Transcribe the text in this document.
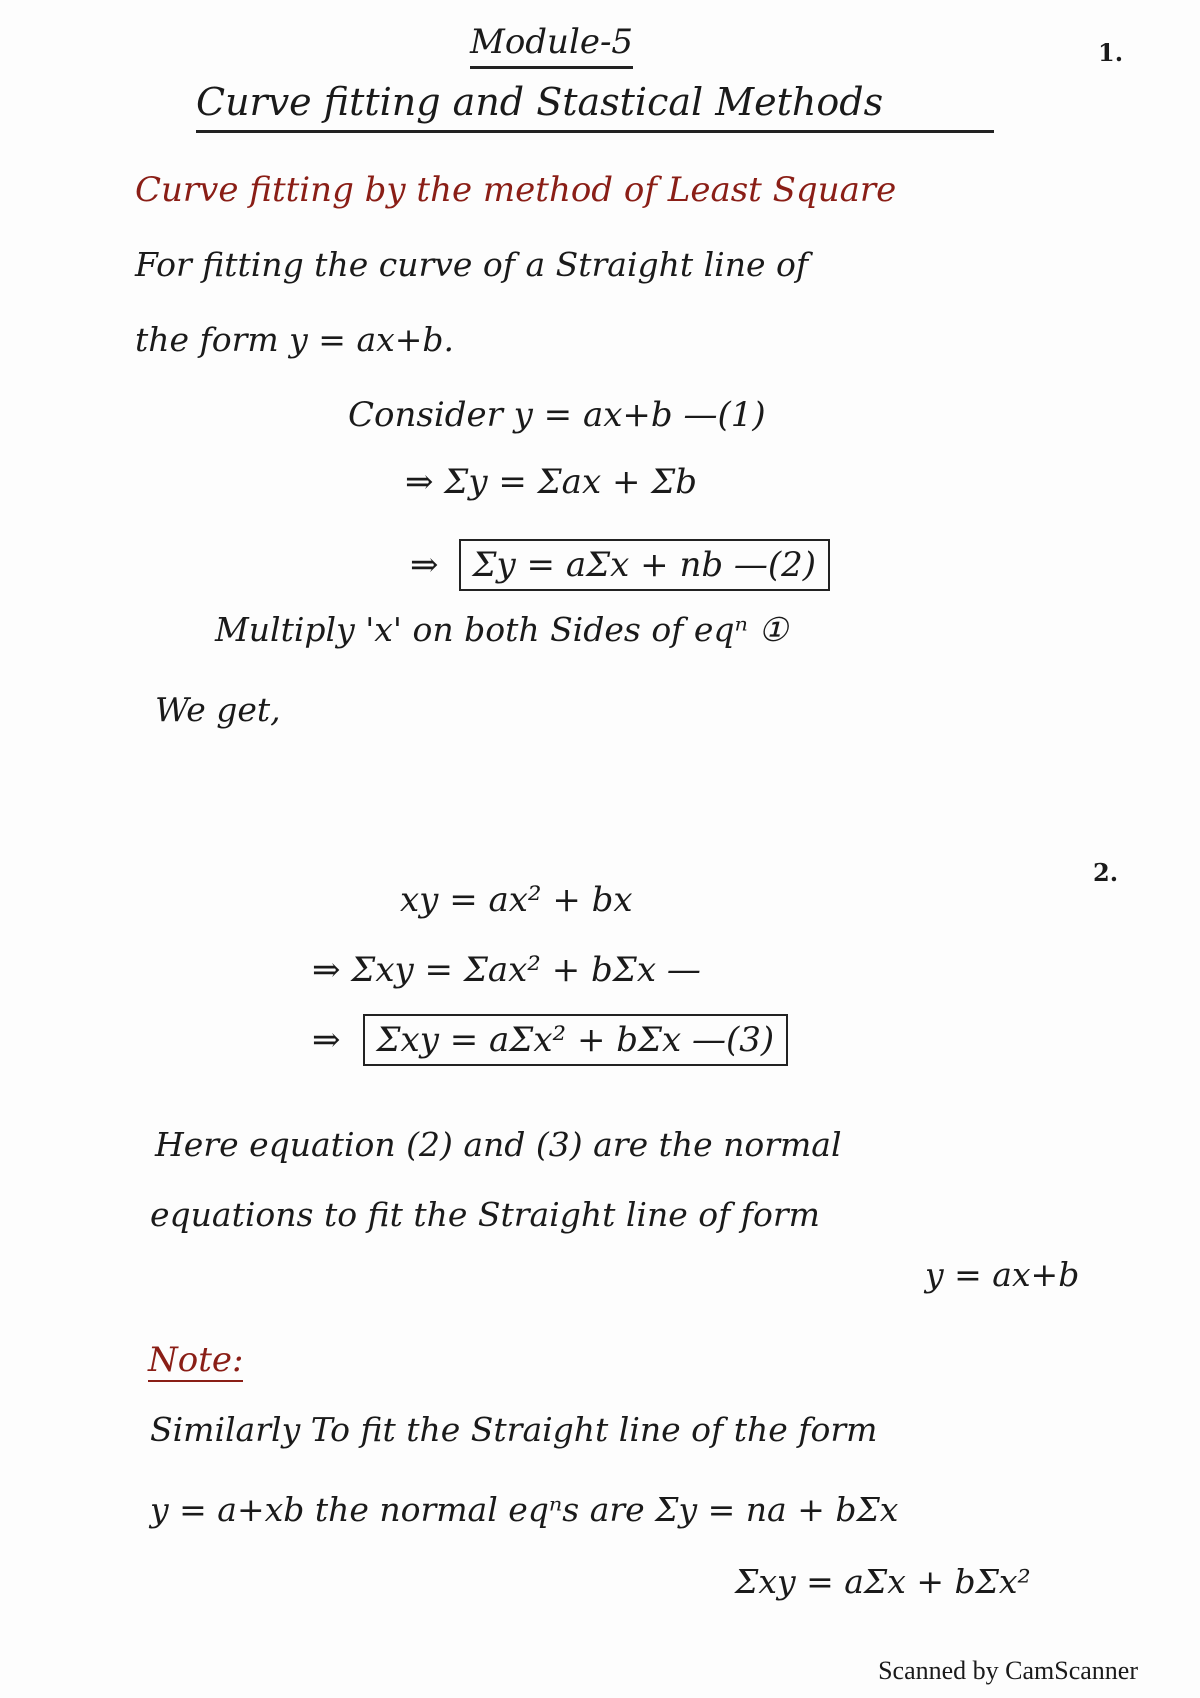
Module-5	1.
Curve fitting and Stastical Methods
Curve fitting by the method of Least Square
For fitting the curve of a Straight line of
the form y = ax+b.
Consider y = ax+b —(1)
⇒ Σy = Σax + Σb
⇒ Σy = aΣx + nb —(2)
Multiply 'x' on both Sides of eqⁿ ①
We get,
2.
xy = ax² + bx
⇒ Σxy = Σax² + bΣx —
⇒ Σxy = aΣx² + bΣx —(3)
Here equation (2) and (3) are the normal
equations to fit the Straight line of form
y = ax+b
Note:
Similarly To fit the Straight line of the form
y = a+xb the normal eqⁿs are Σy = na + bΣx
Σxy = aΣx + bΣx²
Scanned by CamScanner
